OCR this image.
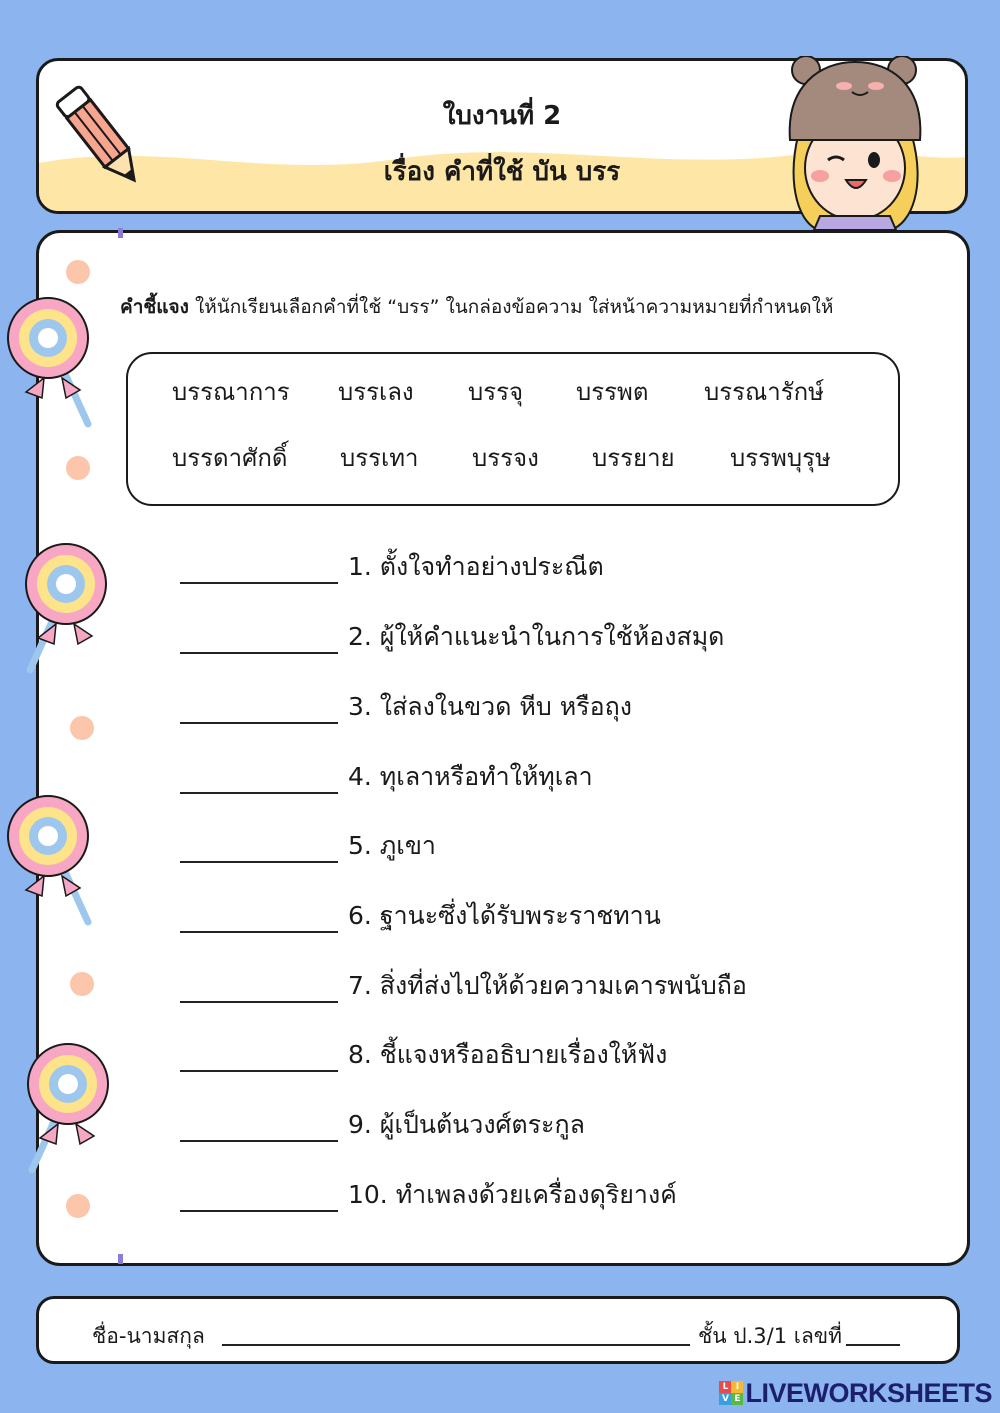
ใบงานที่ 2
เรื่อง คำที่ใช้ บัน บรร
คำชี้แจง ให้นักเรียนเลือกคำที่ใช้ “บรร” ในกล่องข้อความ ใส่หน้าความหมายที่กำหนดให้
บรรณาการ บรรเลง บรรจุ บรรพต บรรณารักษ์
บรรดาศักดิ์ บรรเทา บรรจง บรรยาย บรรพบุรุษ
1. ตั้งใจทำอย่างประณีต
2. ผู้ให้คำแนะนำในการใช้ห้องสมุด
3. ใส่ลงในขวด หีบ หรือถุง
4. ทุเลาหรือทำให้ทุเลา
5. ภูเขา
6. ฐานะซึ่งได้รับพระราชทาน
7. สิ่งที่ส่งไปให้ด้วยความเคารพนับถือ
8. ชี้แจงหรืออธิบายเรื่องให้ฟัง
9. ผู้เป็นต้นวงศ์ตระกูล
10. ทำเพลงด้วยเครื่องดุริยางค์
ชื่อ-นามสกุล	ชั้น ป.3/1 เลขที่
L I
V E LIVEWORKSHEETS
